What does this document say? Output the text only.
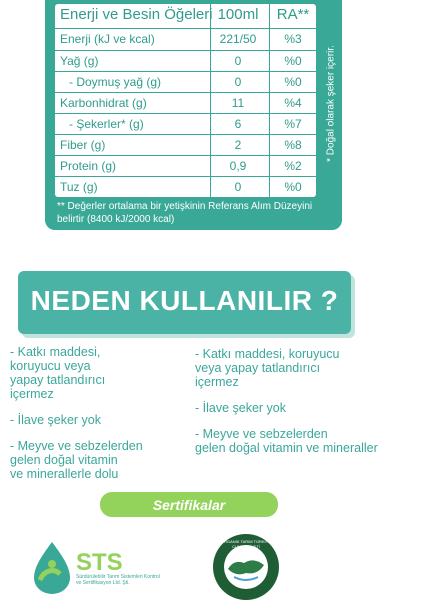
Enerji ve Besin Öğeleri 100ml	RA**
Enerji (kJ ve kcal)	221/50	%3
Yağ (g)	0	%0
- Doymuş yağ (g)	0	%0
Karbonhidrat (g)	11	%4
- Şekerler* (g)	6	%7
Fiber (g)	2	%8
Protein (g)	0,9	%2
Tuz (g)	0	%0
* Doğal olarak şeker içerir.
** Değerler ortalama bir yetişkinin Referans Alım Düzeyini belirtir (8400 kJ/2000 kcal)
NEDEN KULLANILIR ?
- Katkı maddesi,
koruyucu veya
yapay tatlandırıcı
içermez
- İlave şeker yok
- Meyve ve sebzelerden
gelen doğal vitamin
ve minerallerle dolu
- Katkı maddesi, koruyucu
veya yapay tatlandırıcı
içermez
- İlave şeker yok
- Meyve ve sebzelerden
gelen doğal vitamin ve mineraller
Sertifikalar
STS
Sürdürülebilir Tarım Sistemleri Kontrol ve Sertifikasyon Ltd. Şti.
ORGANİK TARIM TÜRKİYE CUMHURİYETİ
